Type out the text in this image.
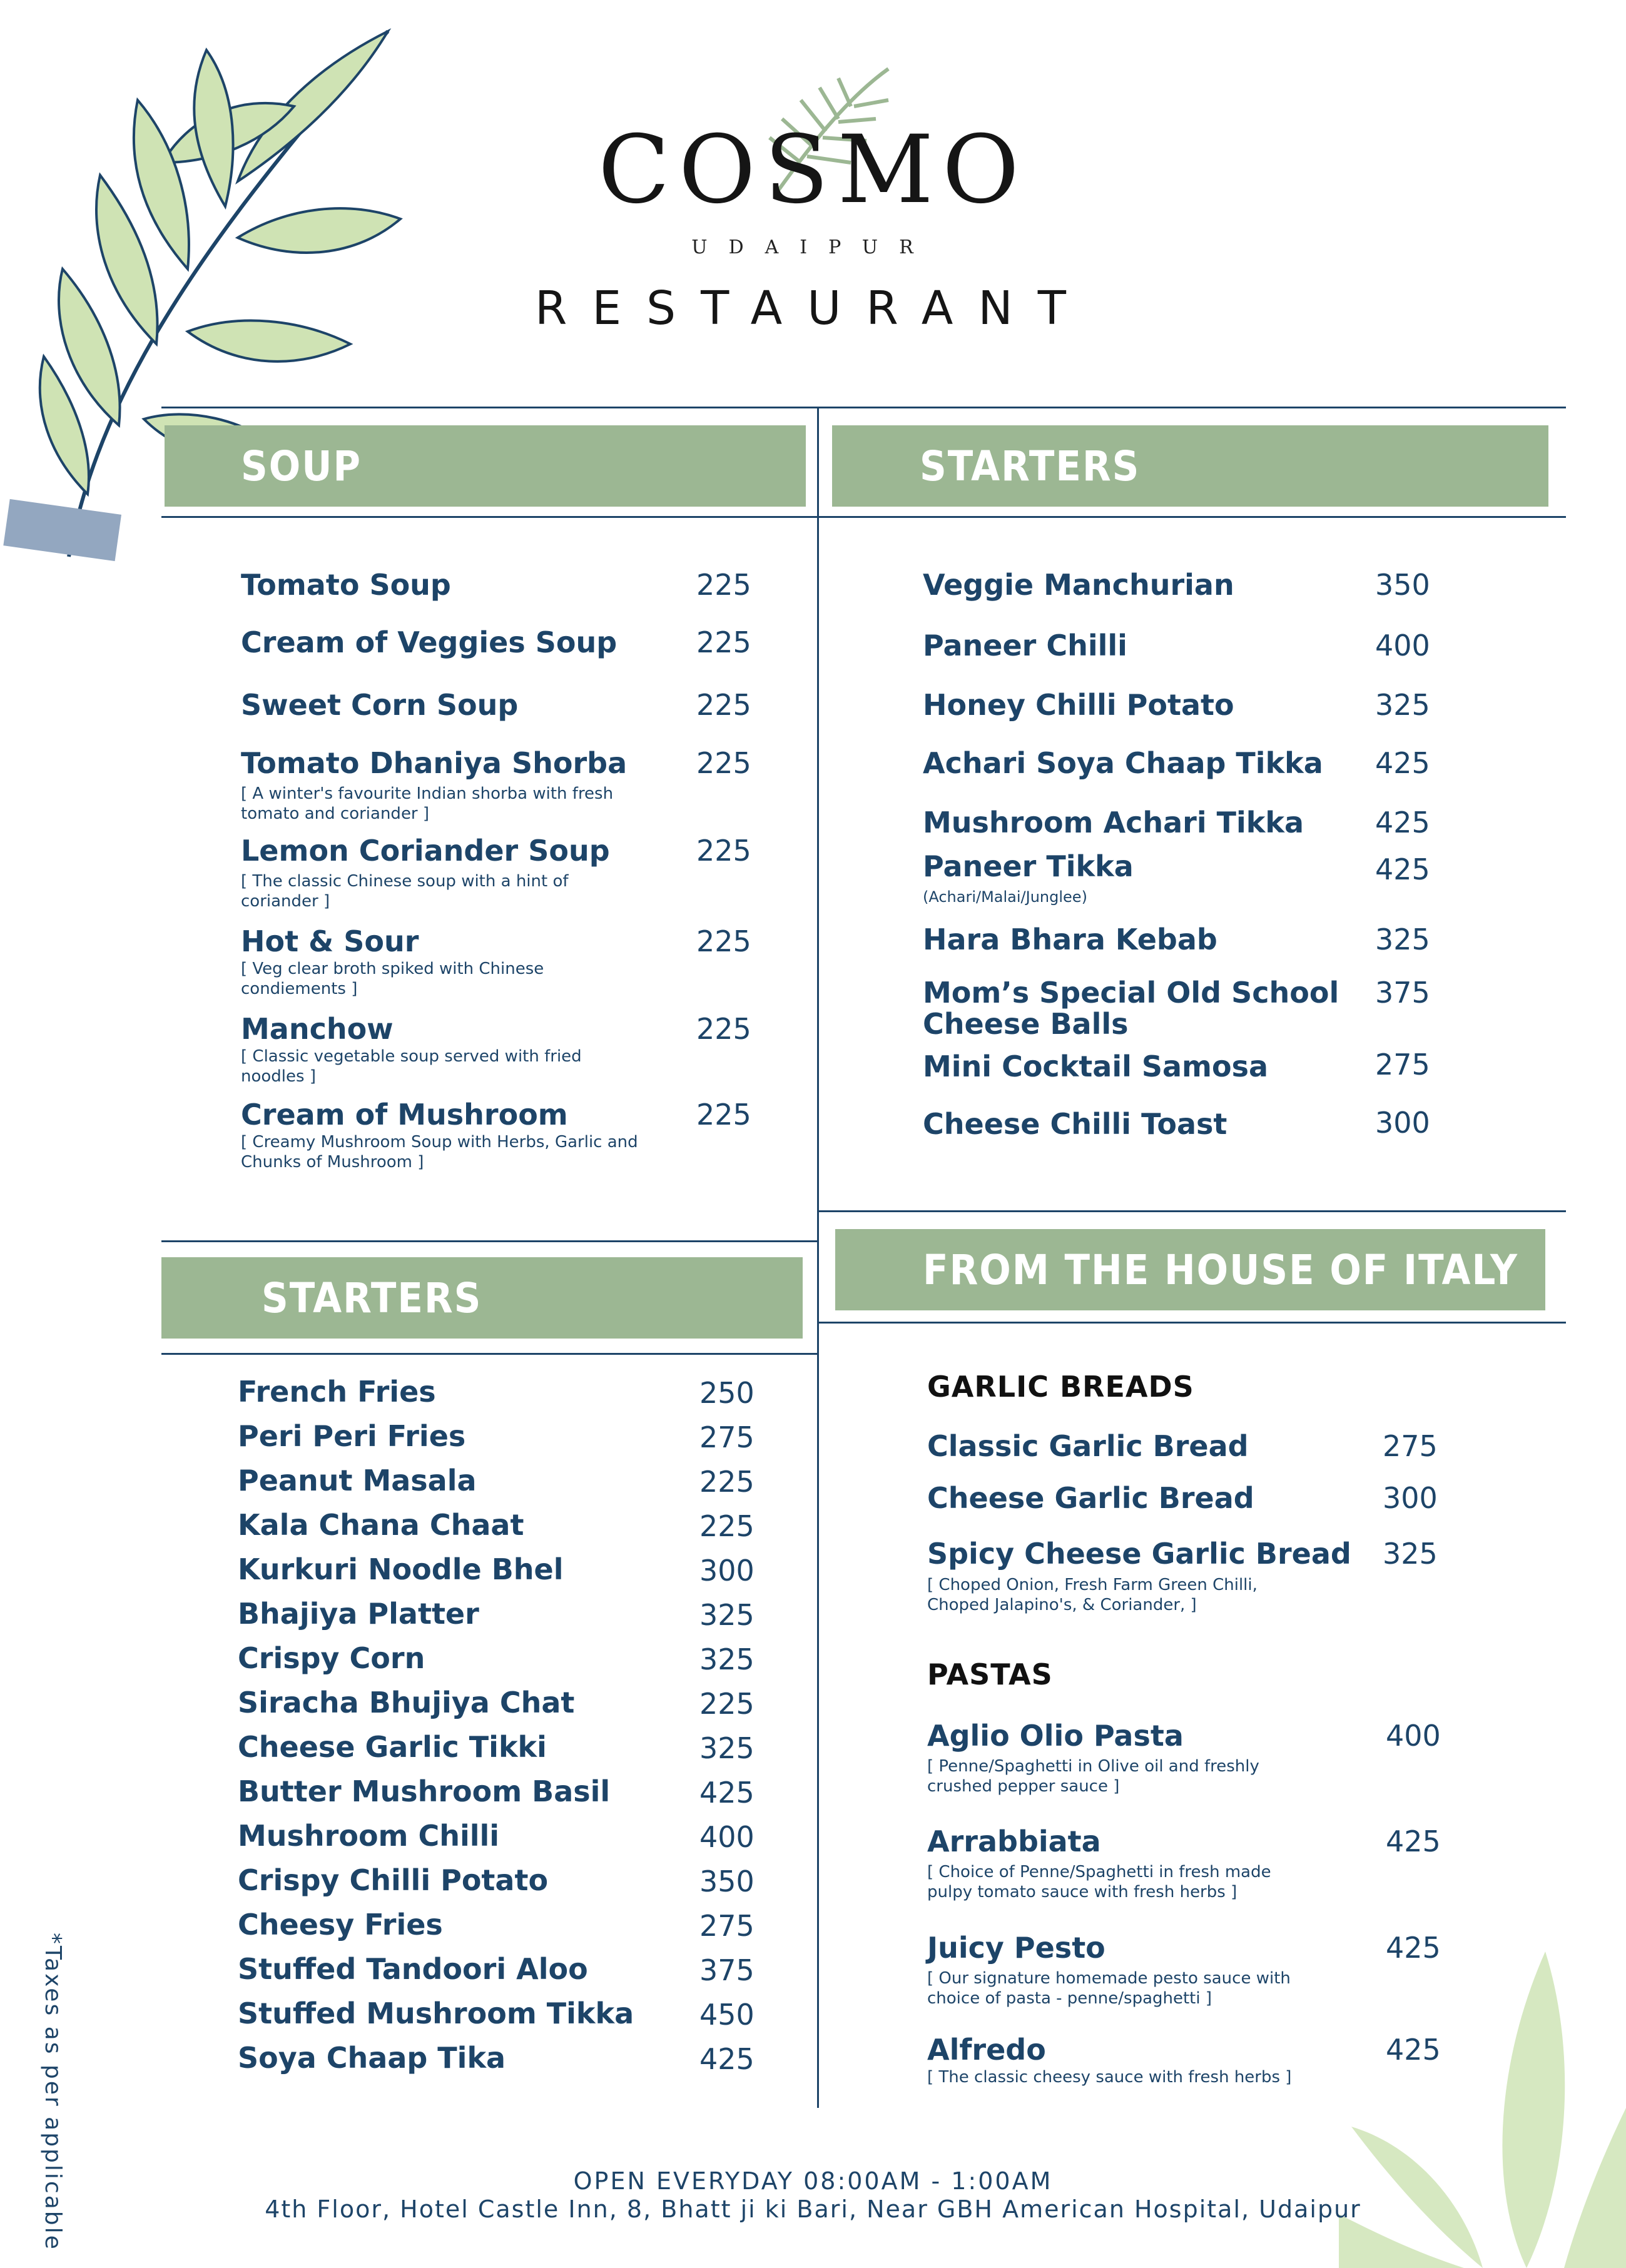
COSMO
UDAIPUR
RESTAURANT
SOUP	STARTERS
STARTERS
FROM THE HOUSE OF ITALY
Tomato Soup	225
Cream of Veggies Soup	225
Sweet Corn Soup	225
Tomato Dhaniya Shorba 225
[ A winter's favourite Indian shorba with fresh tomato and coriander ]
Lemon Coriander Soup	225
[ The classic Chinese soup with a hint of coriander ]
Hot & Sour	225
[ Veg clear broth spiked with Chinese condiements ]
Manchow	225
[ Classic vegetable soup served with fried noodles ]
Cream of Mushroom	225
[ Creamy Mushroom Soup with Herbs, Garlic and Chunks of Mushroom ]
Veggie Manchurian	350
Paneer Chilli	400
Honey Chilli Potato	325
Achari Soya Chaap Tikka 425
Mushroom Achari Tikka 425
Paneer Tikka	425
(Achari/Malai/Junglee)
Hara Bhara Kebab	325
Mom’s Special Old School
Cheese Balls
375
Mini Cocktail Samosa	275
Cheese Chilli Toast	300
French Fries	250
Peri Peri Fries	275
Peanut Masala	225
Kala Chana Chaat	225
Kurkuri Noodle Bhel	300
Bhajiya Platter	325
Crispy Corn	325
Siracha Bhujiya Chat	225
Cheese Garlic Tikki	325
Butter Mushroom Basil	425
Mushroom Chilli	400
Crispy Chilli Potato	350
Cheesy Fries	275
Stuffed Tandoori Aloo	375
Stuffed Mushroom Tikka 450
Soya Chaap Tika	425
GARLIC BREADS
Classic Garlic Bread	275
Cheese Garlic Bread	300
Spicy Cheese Garlic Bread 325
[ Choped Onion, Fresh Farm Green Chilli, Choped Jalapino's, & Coriander, ]
PASTAS
Aglio Olio Pasta	400
[ Penne/Spaghetti in Olive oil and freshly crushed pepper sauce ]
Arrabbiata	425
[ Choice of Penne/Spaghetti in fresh made pulpy tomato sauce with fresh herbs ]
Juicy Pesto	425
[ Our signature homemade pesto sauce with choice of pasta - penne/spaghetti ]
Alfredo	425
[ The classic cheesy sauce with fresh herbs ]
OPEN EVERYDAY 08:00AM - 1:00AM
4th Floor, Hotel Castle Inn, 8, Bhatt ji ki Bari, Near GBH American Hospital, Udaipur
*Taxes as per applicable
